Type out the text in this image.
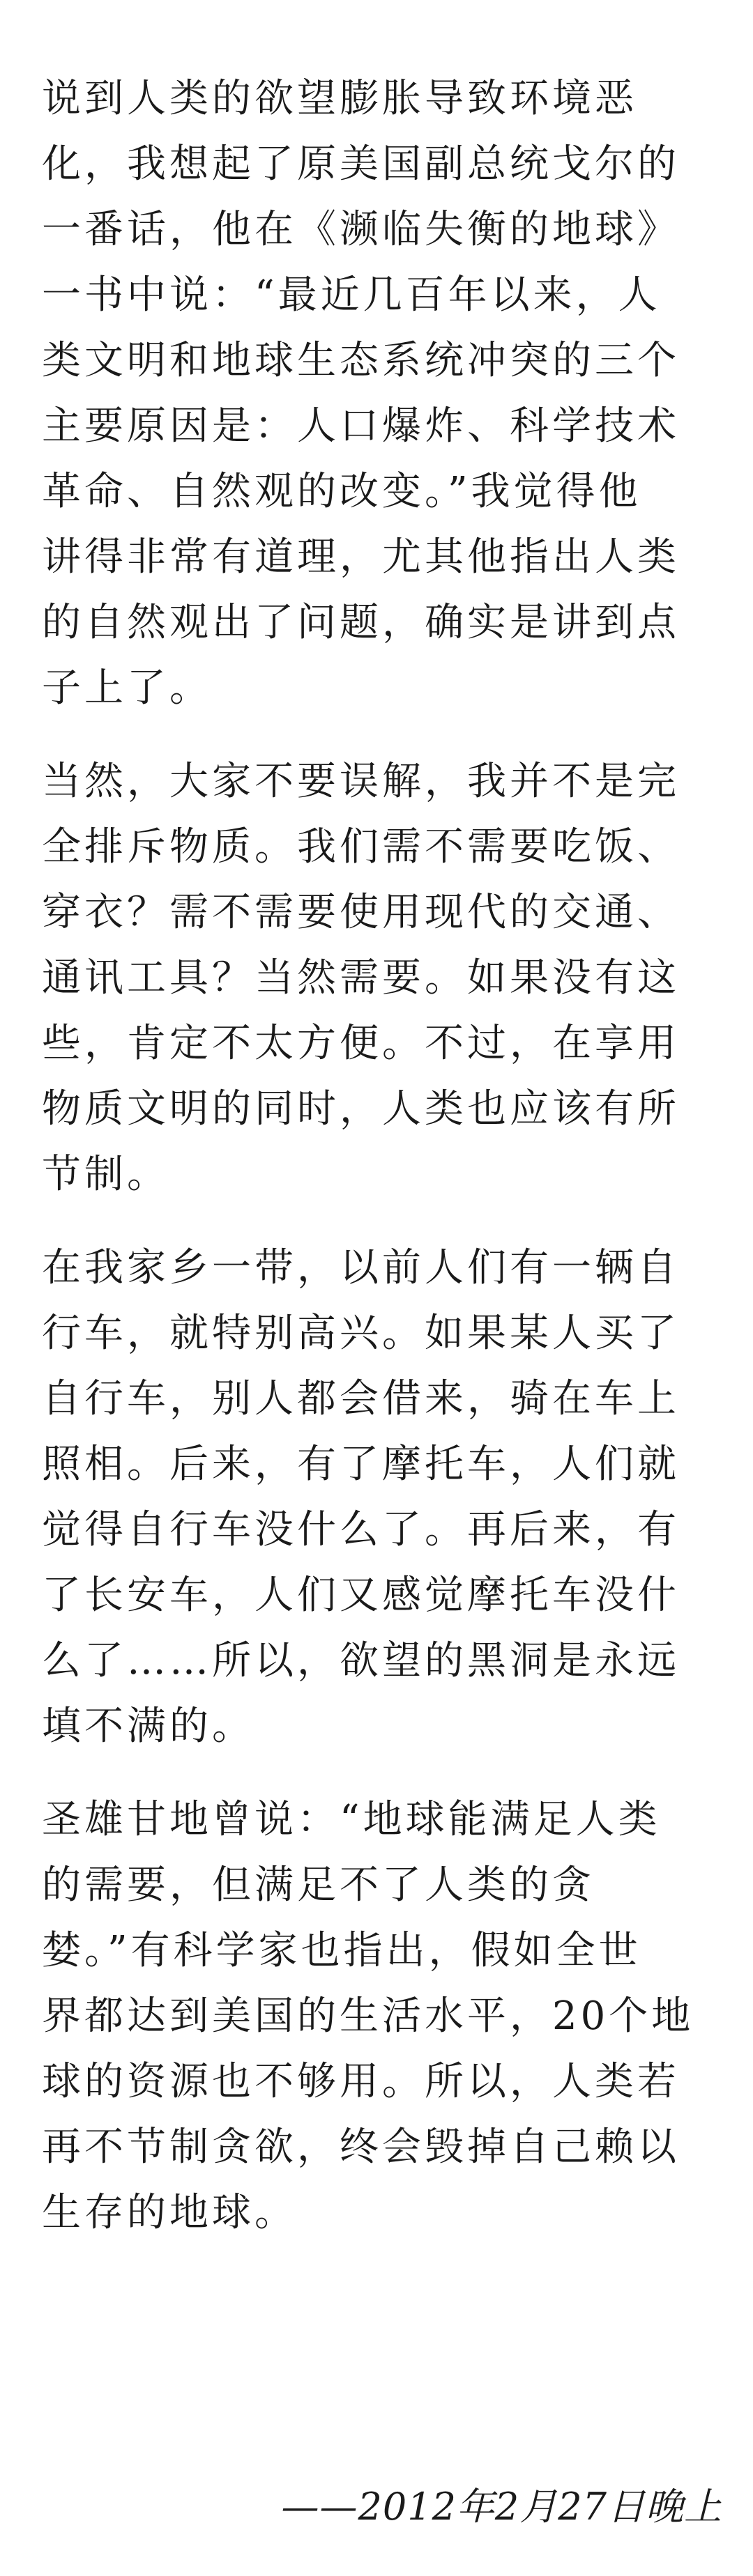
说到人类的欲望膨胀导致环境恶
化，我想起了原美国副总统戈尔的
一番话，他在《濒临失衡的地球》
一书中说：“最近几百年以来，人
类文明和地球生态系统冲突的三个
主要原因是：人口爆炸、科学技术
革命、自然观的改变。”我觉得他
讲得非常有道理，尤其他指出人类
的自然观出了问题，确实是讲到点
子上了。

当然，大家不要误解，我并不是完
全排斥物质。我们需不需要吃饭、
穿衣？需不需要使用现代的交通、
通讯工具？当然需要。如果没有这
些，肯定不太方便。不过，在享用
物质文明的同时，人类也应该有所
节制。

在我家乡一带，以前人们有一辆自
行车，就特别高兴。如果某人买了
自行车，别人都会借来，骑在车上
照相。后来，有了摩托车，人们就
觉得自行车没什么了。再后来，有
了长安车，人们又感觉摩托车没什
么了……所以，欲望的黑洞是永远
填不满的。

圣雄甘地曾说：“地球能满足人类
的需要，但满足不了人类的贪
婪。”有科学家也指出，假如全世
界都达到美国的生活水平，20个地
球的资源也不够用。所以，人类若
再不节制贪欲，终会毁掉自己赖以
生存的地球。

——2012年2月27日晚上
